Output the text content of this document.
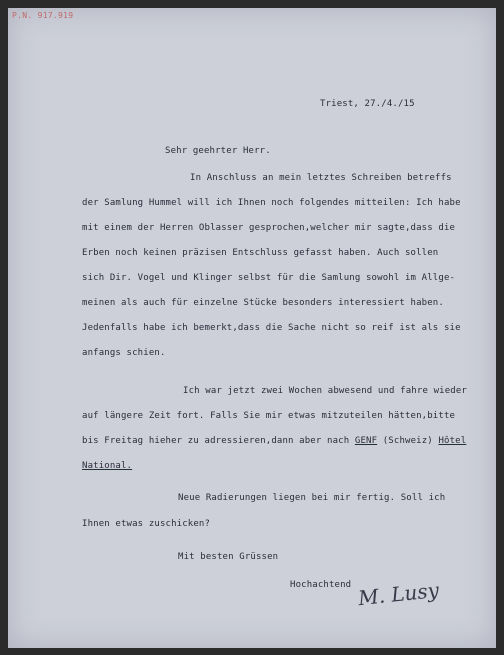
P.N. 917.919
Triest, 27./4./15
Sehr geehrter Herr.
In Anschluss an mein letztes Schreiben betreffs
der Samlung Hummel will ich Ihnen noch folgendes mitteilen: Ich habe
mit einem der Herren Oblasser gesprochen,welcher mir sagte,dass die
Erben noch keinen präzisen Entschluss gefasst haben. Auch sollen
sich Dir. Vogel und Klinger selbst für die Samlung sowohl im Allge-
meinen als auch für einzelne Stücke besonders interessiert haben.
Jedenfalls habe ich bemerkt,dass die Sache nicht so reif ist als sie
anfangs schien.
Ich war jetzt zwei Wochen abwesend und fahre wieder
auf längere Zeit fort. Falls Sie mir etwas mitzuteilen hätten,bitte
bis Freitag hieher zu adressieren,dann aber nach GENF (Schweiz) Hôtel
National.
Neue Radierungen liegen bei mir fertig. Soll ich
Ihnen etwas zuschicken?
Mit besten Grüssen
Hochachtend M. Lusy
